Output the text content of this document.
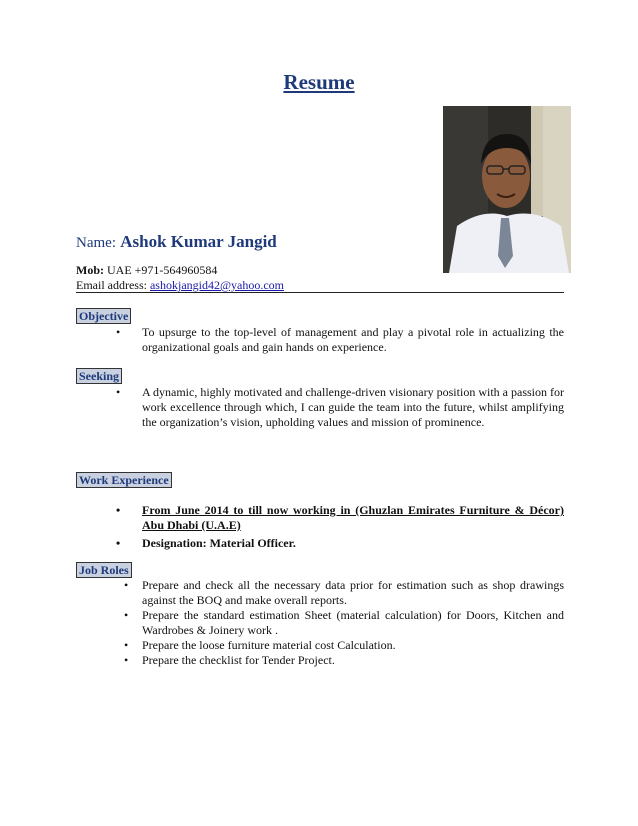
Resume
Name: Ashok Kumar Jangid
Mob: UAE +971-564960584
Email address: ashokjangid42@yahoo.com
Objective
• To upsurge to the top-level of management and play a pivotal role in actualizing the organizational goals and gain hands on experience.
Seeking
• A dynamic, highly motivated and challenge-driven visionary position with a passion for work excellence through which, I can guide the team into the future, whilst amplifying the organization’s vision, upholding values and mission of prominence.
Work Experience
• From June 2014 to till now working in (Ghuzlan Emirates Furniture & Décor) Abu Dhabi (U.A.E)
• Designation: Material Officer.
Job Roles
• Prepare and check all the necessary data prior for estimation such as shop drawings against the BOQ and make overall reports.
• Prepare the standard estimation Sheet (material calculation) for Doors, Kitchen and Wardrobes & Joinery work .
• Prepare the loose furniture material cost Calculation.
• Prepare the checklist for Tender Project.
